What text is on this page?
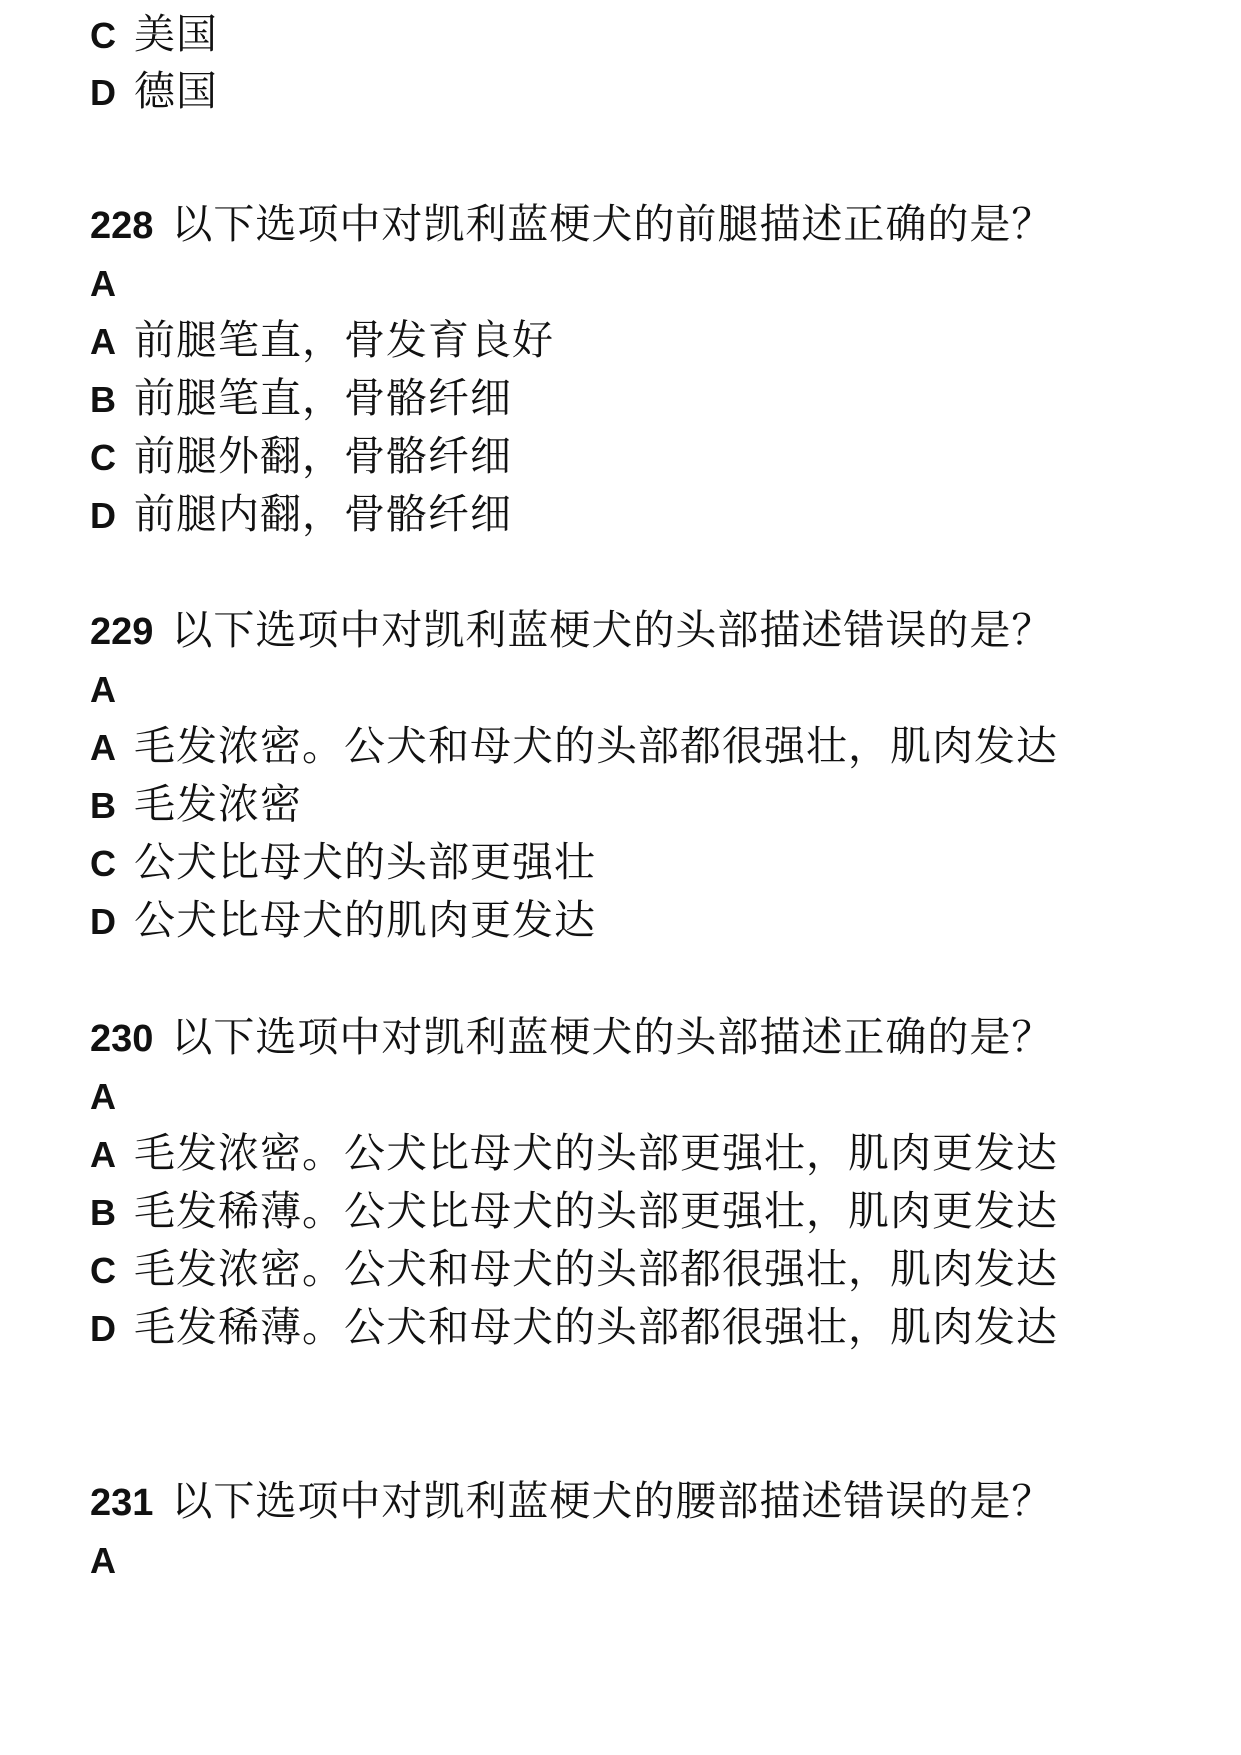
C 美国
D 德国
228 以下选项中对凯利蓝梗犬的前腿描述正确的是？
A
A 前腿笔直，骨发育良好
B 前腿笔直，骨骼纤细
C 前腿外翻，骨骼纤细
D 前腿内翻，骨骼纤细
229 以下选项中对凯利蓝梗犬的头部描述错误的是？
A
A 毛发浓密。公犬和母犬的头部都很强壮，肌肉发达
B 毛发浓密
C 公犬比母犬的头部更强壮
D 公犬比母犬的肌肉更发达
230 以下选项中对凯利蓝梗犬的头部描述正确的是？
A
A 毛发浓密。公犬比母犬的头部更强壮，肌肉更发达
B 毛发稀薄。公犬比母犬的头部更强壮，肌肉更发达
C 毛发浓密。公犬和母犬的头部都很强壮，肌肉发达
D 毛发稀薄。公犬和母犬的头部都很强壮，肌肉发达
231 以下选项中对凯利蓝梗犬的腰部描述错误的是？
A
